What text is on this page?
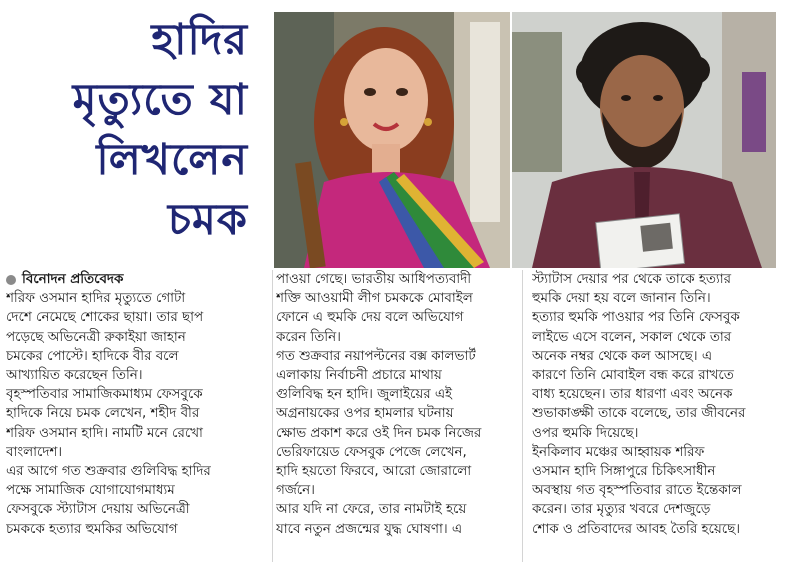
হাদির
মৃত্যুতে যা
লিখলেন
চমক
বিনোদন প্রতিবেদক

শরিফ ওসমান হাদির মৃত্যুতে গোটা
দেশে নেমেছে শোকের ছায়া। তার ছাপ
পড়েছে অভিনেত্রী রুকাইয়া জাহান
চমকের পোস্টে। হাদিকে বীর বলে
আখ্যায়িত করেছেন তিনি।

বৃহস্পতিবার সামাজিকমাধ্যম ফেসবুকে
হাদিকে নিয়ে চমক লেখেন, শহীদ বীর
শরিফ ওসমান হাদি। নামটি মনে রেখো
বাংলাদেশ।

এর আগে গত শুক্রবার গুলিবিদ্ধ হাদির
পক্ষে সামাজিক যোগাযোগমাধ্যম
ফেসবুকে স্ট্যাটাস দেয়ায় অভিনেত্রী
চমককে হত্যার হুমকির অভিযোগ

পাওয়া গেছে। ভারতীয় আধিপত্যবাদী
শক্তি আওয়ামী লীগ চমককে মোবাইল
ফোনে এ হুমকি দেয় বলে অভিযোগ
করেন তিনি।

গত শুক্রবার নয়াপল্টনের বক্স কালভার্ট
এলাকায় নির্বাচনী প্রচারে মাথায়
গুলিবিদ্ধ হন হাদি। জুলাইয়ের এই
অগ্রনায়কের ওপর হামলার ঘটনায়
ক্ষোভ প্রকাশ করে ওই দিন চমক নিজের
ভেরিফায়েড ফেসবুক পেজে লেখেন,
হাদি হয়তো ফিরবে, আরো জোরালো
গর্জনে।

আর যদি না ফেরে, তার নামটাই হয়ে
যাবে নতুন প্রজন্মের যুদ্ধ ঘোষণা। এ

স্ট্যাটাস দেয়ার পর থেকে তাকে হত্যার
হুমকি দেয়া হয় বলে জানান তিনি।

হত্যার হুমকি পাওয়ার পর তিনি ফেসবুক
লাইভে এসে বলেন, সকাল থেকে তার
অনেক নম্বর থেকে কল আসছে। এ
কারণে তিনি মোবাইল বন্ধ করে রাখতে
বাধ্য হয়েছেন। তার ধারণা এবং অনেক
শুভাকাঙ্ক্ষী তাকে বলেছে, তার জীবনের
ওপর হুমকি দিয়েছে।

ইনকিলাব মঞ্চের আহ্বায়ক শরিফ
ওসমান হাদি সিঙ্গাপুরে চিকিৎসাধীন
অবস্থায় গত বৃহস্পতিবার রাতে ইন্তেকাল
করেন। তার মৃত্যুর খবরে দেশজুড়ে
শোক ও প্রতিবাদের আবহ তৈরি হয়েছে।
